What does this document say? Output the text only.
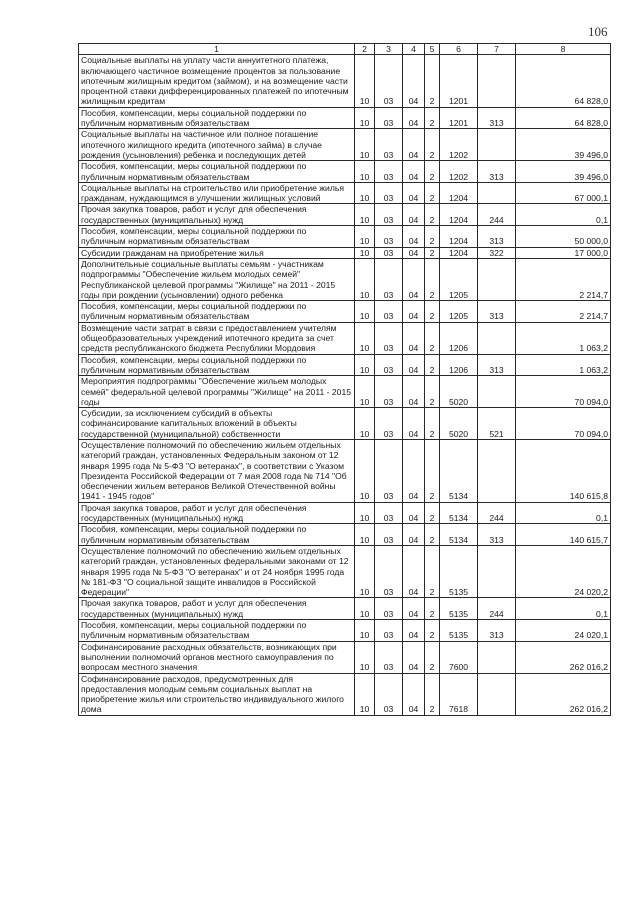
106
1	2	3	4	5	6	7	8
Социальные выплаты на уплату части аннуитетного платежа, включающего частичное возмещение процентов за пользование ипотечным жилищным кредитом (займом), и на возмещение части процентной ставки дифференцированных платежей по ипотечным жилищным кредитам	10	03	04	2	1201		64 828,0
Пособия, компенсации, меры социальной поддержки по публичным нормативным обязательствам	10	03	04	2	1201	313	64 828,0
Социальные выплаты на частичное или полное погашение ипотечного жилищного кредита (ипотечного займа) в случае рождения (усыновления) ребенка и последующих детей	10	03	04	2	1202		39 496,0
Пособия, компенсации, меры социальной поддержки по публичным нормативным обязательствам	10	03	04	2	1202	313	39 496,0
Социальные выплаты на строительство или приобретение жилья гражданам, нуждающимся в улучшении жилищных условий	10	03	04	2	1204		67 000,1
Прочая закупка товаров, работ и услуг для обеспечения государственных (муниципальных) нужд	10	03	04	2	1204	244	0,1
Пособия, компенсации, меры социальной поддержки по публичным нормативным обязательствам	10	03	04	2	1204	313	50 000,0
Субсидии гражданам на приобретение жилья	10	03	04	2	1204	322	17 000,0
Дополнительные социальные выплаты семьям - участникам подпрограммы "Обеспечение жильем молодых семей" Республиканской целевой программы "Жилище" на 2011 - 2015 годы при рождении (усыновлении) одного ребенка	10	03	04	2	1205		2 214,7
Пособия, компенсации, меры социальной поддержки по публичным нормативным обязательствам	10	03	04	2	1205	313	2 214,7
Возмещение части затрат в связи с предоставлением учителям общеобразовательных учреждений ипотечного кредита за счет средств республиканского бюджета Республики Мордовия	10	03	04	2	1206		1 063,2
Пособия, компенсации, меры социальной поддержки по публичным нормативным обязательствам	10	03	04	2	1206	313	1 063,2
Мероприятия подпрограммы "Обеспечение жильем молодых семей" федеральной целевой программы "Жилище" на 2011 - 2015 годы	10	03	04	2	5020		70 094,0
Субсидии, за исключением субсидий в объекты софинансирование капитальных вложений в объекты государственной (муниципальной) собственности	10	03	04	2	5020	521	70 094,0
Осуществление полномочий по обеспечению жильем отдельных категорий граждан, установленных Федеральным законом от 12 января 1995 года № 5-ФЗ "О ветеранах", в соответствии с Указом Президента Российской Федерации от 7 мая 2008 года № 714 "Об обеспечении жильем ветеранов Великой Отечественной войны 1941 - 1945 годов"	10	03	04	2	5134		140 615,8
Прочая закупка товаров, работ и услуг для обеспечения государственных (муниципальных) нужд	10	03	04	2	5134	244	0,1
Пособия, компенсации, меры социальной поддержки по публичным нормативным обязательствам	10	03	04	2	5134	313	140 615,7
Осуществление полномочий по обеспечению жильем отдельных категорий граждан, установленных федеральными законами от 12 января 1995 года № 5-ФЗ "О ветеранах" и от 24 ноября 1995 года № 181-ФЗ "О социальной защите инвалидов в Российской Федерации"	10	03	04	2	5135		24 020,2
Прочая закупка товаров, работ и услуг для обеспечения государственных (муниципальных) нужд	10	03	04	2	5135	244	0,1
Пособия, компенсации, меры социальной поддержки по публичным нормативным обязательствам	10	03	04	2	5135	313	24 020,1
Софинансирование расходных обязательств, возникающих при выполнении полномочий органов местного самоуправления по вопросам местного значения	10	03	04	2	7600		262 016,2
Софинансирование расходов, предусмотренных для предоставления молодым семьям социальных выплат на приобретение жилья или строительство индивидуального жилого дома	10	03	04	2	7618		262 016,2
